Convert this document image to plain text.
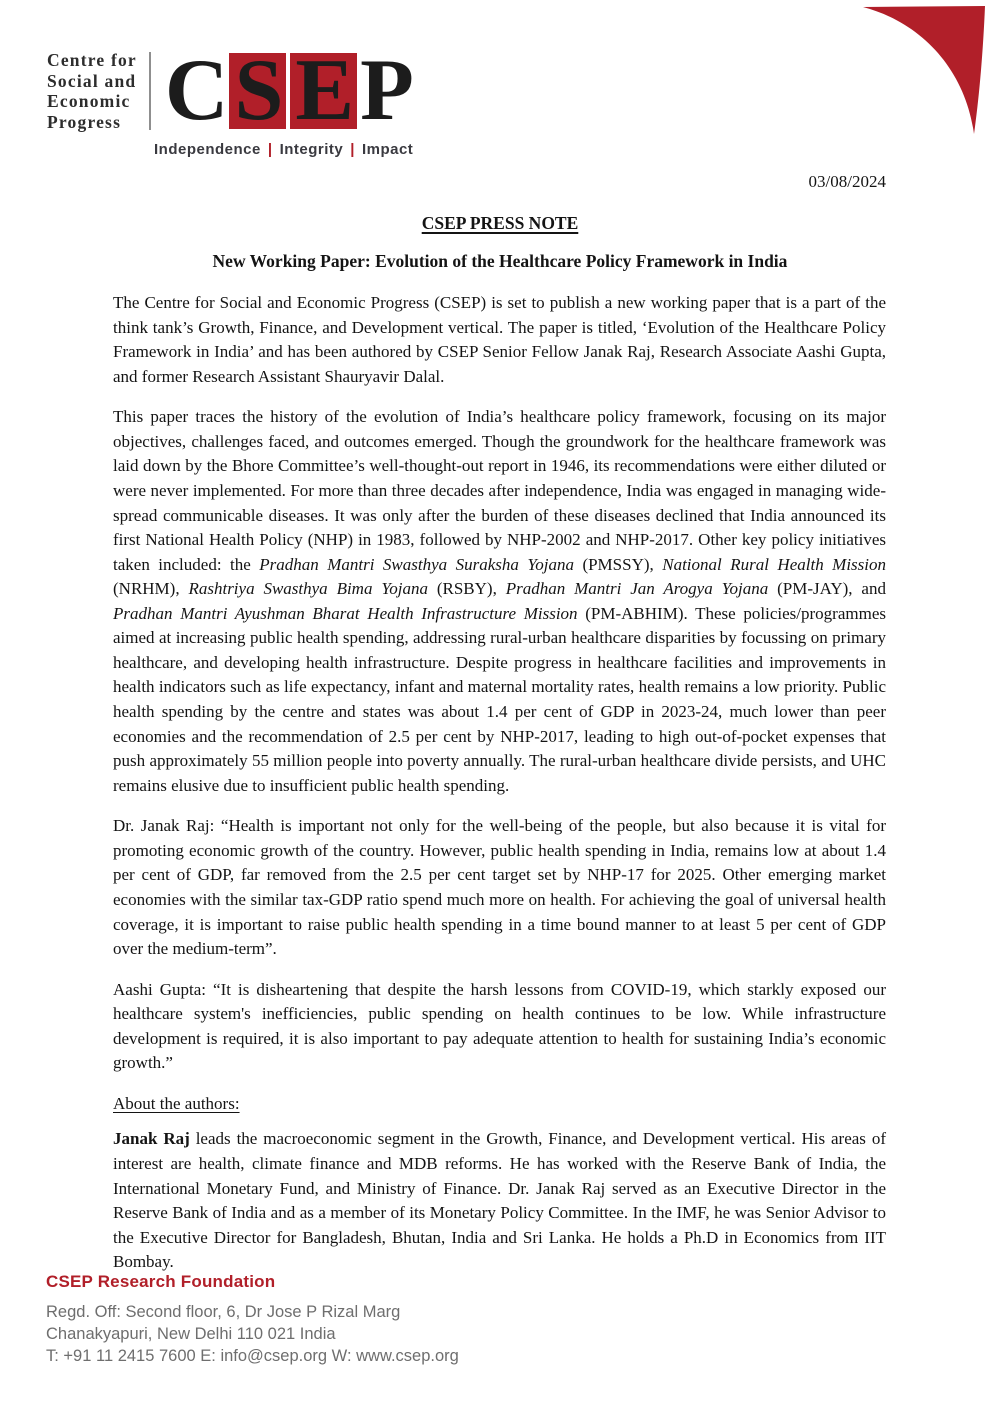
Centre for
Social and
Economic
Progress C S E P
Independence | Integrity | Impact
03/08/2024
CSEP PRESS NOTE
New Working Paper: Evolution of the Healthcare Policy Framework in India

The Centre for Social and Economic Progress (CSEP) is set to publish a new working paper that is a part of the think tank’s Growth, Finance, and Development vertical. The paper is titled, ‘Evolution of the Healthcare Policy Framework in India’ and has been authored by CSEP Senior Fellow Janak Raj, Research Associate Aashi Gupta, and former Research Assistant Shauryavir Dalal.

This paper traces the history of the evolution of India’s healthcare policy framework, focusing on its major objectives, challenges faced, and outcomes emerged. Though the groundwork for the healthcare framework was laid down by the Bhore Committee’s well-thought-out report in 1946, its recommendations were either diluted or were never implemented. For more than three decades after independence, India was engaged in managing wide-spread communicable diseases. It was only after the burden of these diseases declined that India announced its first National Health Policy (NHP) in 1983, followed by NHP-2002 and NHP-2017. Other key policy initiatives taken included: the Pradhan Mantri Swasthya Suraksha Yojana (PMSSY), National Rural Health Mission (NRHM), Rashtriya Swasthya Bima Yojana (RSBY), Pradhan Mantri Jan Arogya Yojana (PM-JAY), and Pradhan Mantri Ayushman Bharat Health Infrastructure Mission (PM-ABHIM). These policies/programmes aimed at increasing public health spending, addressing rural-urban healthcare disparities by focussing on primary healthcare, and developing health infrastructure. Despite progress in healthcare facilities and improvements in health indicators such as life expectancy, infant and maternal mortality rates, health remains a low priority. Public health spending by the centre and states was about 1.4 per cent of GDP in 2023-24, much lower than peer economies and the recommendation of 2.5 per cent by NHP-2017, leading to high out-of-pocket expenses that push approximately 55 million people into poverty annually. The rural-urban healthcare divide persists, and UHC remains elusive due to insufficient public health spending.

Dr. Janak Raj: “Health is important not only for the well-being of the people, but also because it is vital for promoting economic growth of the country. However, public health spending in India, remains low at about 1.4 per cent of GDP, far removed from the 2.5 per cent target set by NHP-17 for 2025. Other emerging market economies with the similar tax-GDP ratio spend much more on health. For achieving the goal of universal health coverage, it is important to raise public health spending in a time bound manner to at least 5 per cent of GDP over the medium-term”.

Aashi Gupta: “It is disheartening that despite the harsh lessons from COVID-19, which starkly exposed our healthcare system's inefficiencies, public spending on health continues to be low. While infrastructure development is required, it is also important to pay adequate attention to health for sustaining India’s economic growth.”

About the authors:

Janak Raj leads the macroeconomic segment in the Growth, Finance, and Development vertical. His areas of interest are health, climate finance and MDB reforms. He has worked with the Reserve Bank of India, the International Monetary Fund, and Ministry of Finance. Dr. Janak Raj served as an Executive Director in the Reserve Bank of India and as a member of its Monetary Policy Committee. In the IMF, he was Senior Advisor to the Executive Director for Bangladesh, Bhutan, India and Sri Lanka. He holds a Ph.D in Economics from IIT Bombay.

CSEP Research Foundation
Regd. Off: Second floor, 6, Dr Jose P Rizal Marg
Chanakyapuri, New Delhi 110 021 India
T: +91 11 2415 7600 E: info@csep.org W: www.csep.org
